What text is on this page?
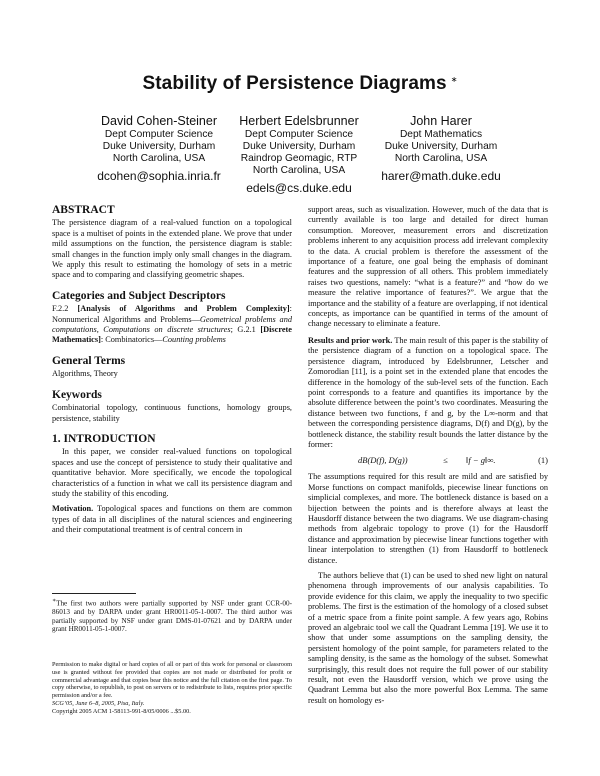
Stability of Persistence Diagrams ∗
David Cohen-Steiner
Dept Computer Science
Duke University, Durham
North Carolina, USA
dcohen@sophia.inria.fr
Herbert Edelsbrunner
Dept Computer Science
Duke University, Durham
Raindrop Geomagic, RTP
North Carolina, USA
edels@cs.duke.edu
John Harer
Dept Mathematics
Duke University, Durham
North Carolina, USA
harer@math.duke.edu
ABSTRACT

The persistence diagram of a real-valued function on a topological space is a multiset of points in the extended plane. We prove that under mild assumptions on the function, the persistence diagram is stable: small changes in the function imply only small changes in the diagram. We apply this result to estimating the homology of sets in a metric space and to comparing and classifying geometric shapes.

Categories and Subject Descriptors

F.2.2 [Analysis of Algorithms and Problem Complexity]: Nonnumerical Algorithms and Problems—Geometrical problems and computations, Computations on discrete structures; G.2.1 [Discrete Mathematics]: Combinatorics—Counting problems

General Terms

Algorithms, Theory

Keywords

Combinatorial topology, continuous functions, homology groups, persistence, stability

1. INTRODUCTION

In this paper, we consider real-valued functions on topological spaces and use the concept of persistence to study their qualitative and quantitative behavior. More specifically, we encode the topological characteristics of a function in what we call its persistence diagram and study the stability of this encoding.

Motivation. Topological spaces and functions on them are common types of data in all disciplines of the natural sciences and engineering and their computational treatment is of central concern in

∗The first two authors were partially supported by NSF under grant CCR-00-86013 and by DARPA under grant HR0011-05-1-0007. The third author was partially supported by NSF under grant DMS-01-07621 and by DARPA under grant HR0011-05-1-0007.
Permission to make digital or hard copies of all or part of this work for personal or classroom use is granted without fee provided that copies are not made or distributed for profit or commercial advantage and that copies bear this notice and the full citation on the first page. To copy otherwise, to republish, to post on servers or to redistribute to lists, requires prior specific permission and/or a fee.
SCG’05, June 6–8, 2005, Pisa, Italy.
Copyright 2005 ACM 1-58113-991-8/05/0006 ...$5.00.

support areas, such as visualization. However, much of the data that is currently available is too large and detailed for direct human consumption. Moreover, measurement errors and discretization problems inherent to any acquisition process add irrelevant complexity to the data. A crucial problem is therefore the assessment of the importance of a feature, one goal being the emphasis of dominant features and the suppression of all others. This problem immediately raises two questions, namely: “what is a feature?” and “how do we measure the relative importance of features?”. We argue that the importance and the stability of a feature are overlapping, if not identical concepts, as importance can be quantified in terms of the amount of change necessary to eliminate a feature.

Results and prior work. The main result of this paper is the stability of the persistence diagram of a function on a topological space. The persistence diagram, introduced by Edelsbrunner, Letscher and Zomorodian [11], is a point set in the extended plane that encodes the difference in the homology of the sub-level sets of the function. Each point corresponds to a feature and quantifies its importance by the absolute difference between the point’s two coordinates. Measuring the distance between two functions, f and g, by the L∞-norm and that between the corresponding persistence diagrams, D(f) and D(g), by the bottleneck distance, the stability result bounds the latter distance by the former:

dB(D(f), D(g))	≤ ‖f − g‖∞.	(1)

The assumptions required for this result are mild and are satisfied by Morse functions on compact manifolds, piecewise linear functions on simplicial complexes, and more. The bottleneck distance is based on a bijection between the points and is therefore always at least the Hausdorff distance between the two diagrams. We use diagram-chasing methods from algebraic topology to prove (1) for the Hausdorff distance and approximation by piecewise linear functions together with linear interpolation to strengthen (1) from Hausdorff to bottleneck distance.

The authors believe that (1) can be used to shed new light on natural phenomena through improvements of our analysis capabilities. To provide evidence for this claim, we apply the inequality to two specific problems. The first is the estimation of the homology of a closed subset of a metric space from a finite point sample. A few years ago, Robins proved an algebraic tool we call the Quadrant Lemma [19]. We use it to show that under some assumptions on the sampling density, the persistent homology of the point sample, for parameters related to the sampling density, is the same as the homology of the subset. Somewhat surprisingly, this result does not require the full power of our stability result, not even the Hausdorff version, which we prove using the Quadrant Lemma but also the more powerful Box Lemma. The same result on homology es-
